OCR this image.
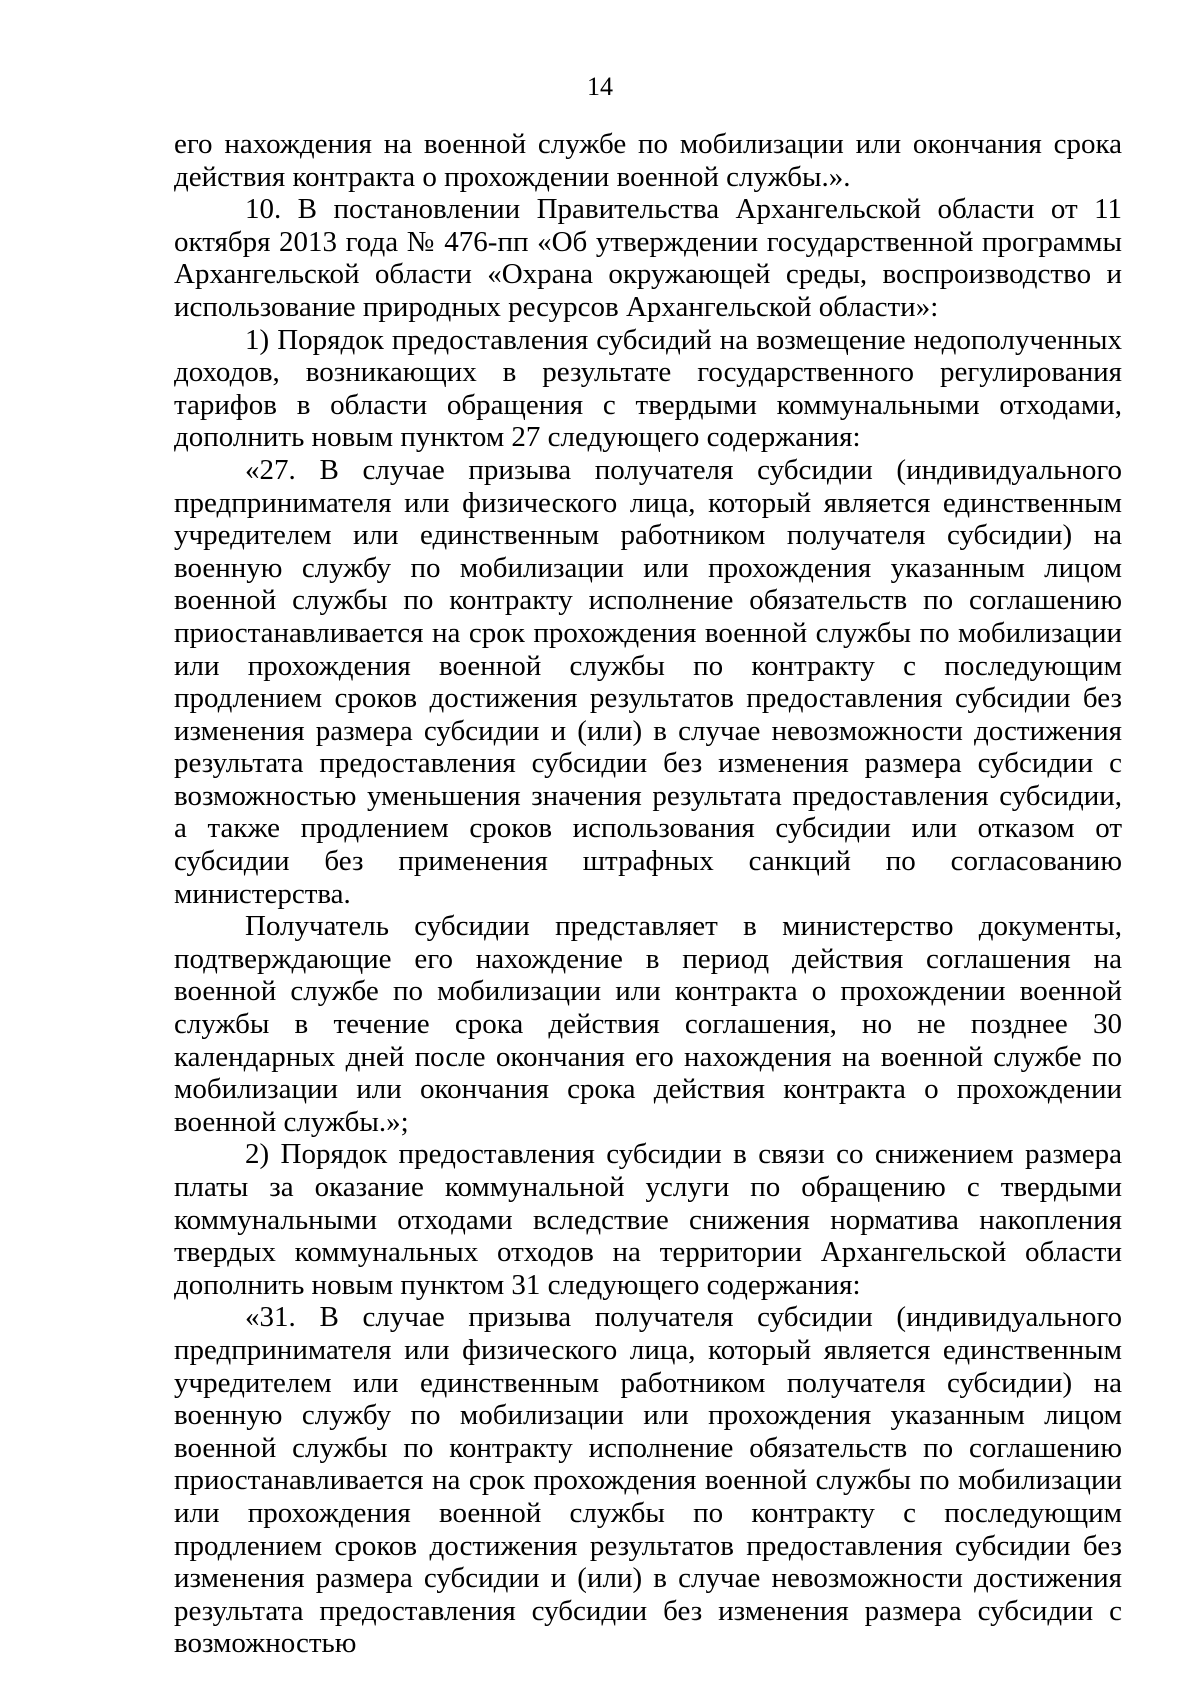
14

его нахождения на военной службе по мобилизации или окончания срока действия контракта о прохождении военной службы.».

10. В постановлении Правительства Архангельской области от 11 октября 2013 года № 476-пп «Об утверждении государственной программы Архангельской области «Охрана окружающей среды, воспроизводство и использование природных ресурсов Архангельской области»:

1) Порядок предоставления субсидий на возмещение недополученных доходов, возникающих в результате государственного регулирования тарифов в области обращения с твердыми коммунальными отходами, дополнить новым пунктом 27 следующего содержания:

«27. В случае призыва получателя субсидии (индивидуального предпринимателя или физического лица, который является единственным учредителем или единственным работником получателя субсидии) на военную службу по мобилизации или прохождения указанным лицом военной службы по контракту исполнение обязательств по соглашению приостанавливается на срок прохождения военной службы по мобилизации или прохождения военной службы по контракту с последующим продлением сроков достижения результатов предоставления субсидии без изменения размера субсидии и (или) в случае невозможности достижения результата предоставления субсидии без изменения размера субсидии с возможностью уменьшения значения результата предоставления субсидии, а также продлением сроков использования субсидии или отказом от субсидии без применения штрафных санкций по согласованию министерства.

Получатель субсидии представляет в министерство документы, подтверждающие его нахождение в период действия соглашения на военной службе по мобилизации или контракта о прохождении военной службы в течение срока действия соглашения, но не позднее 30 календарных дней после окончания его нахождения на военной службе по мобилизации или окончания срока действия контракта о прохождении военной службы.»;

2) Порядок предоставления субсидии в связи со снижением размера платы за оказание коммунальной услуги по обращению с твердыми коммунальными отходами вследствие снижения норматива накопления твердых коммунальных отходов на территории Архангельской области дополнить новым пунктом 31 следующего содержания:

«31. В случае призыва получателя субсидии (индивидуального предпринимателя или физического лица, который является единственным учредителем или единственным работником получателя субсидии) на военную службу по мобилизации или прохождения указанным лицом военной службы по контракту исполнение обязательств по соглашению приостанавливается на срок прохождения военной службы по мобилизации или прохождения военной службы по контракту с последующим продлением сроков достижения результатов предоставления субсидии без изменения размера субсидии и (или) в случае невозможности достижения результата предоставления субсидии без изменения размера субсидии с возможностью
